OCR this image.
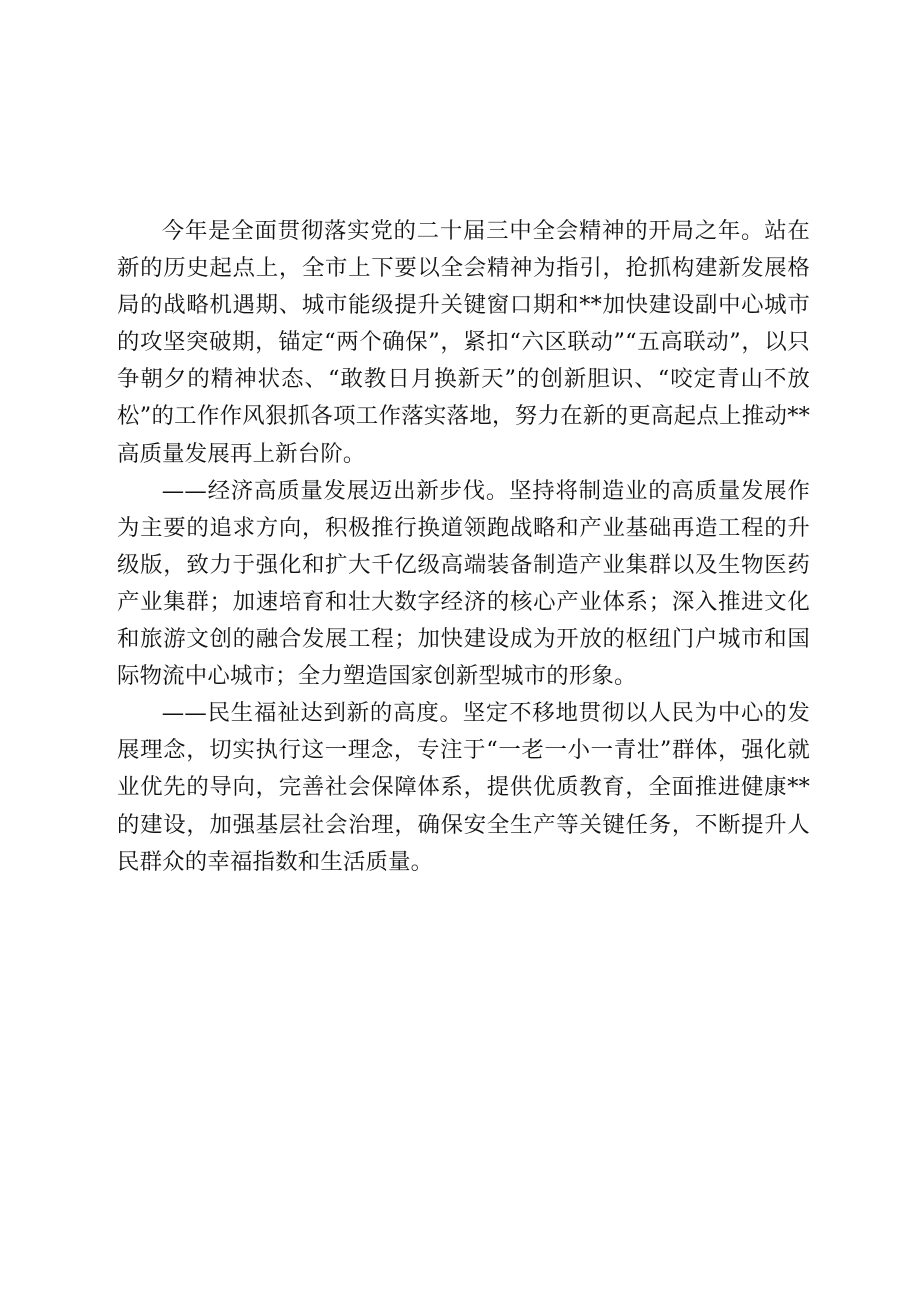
今年是全面贯彻落实党的二十届三中全会精神的开局之年。站在新的历史起点上，全市上下要以全会精神为指引，抢抓构建新发展格局的战略机遇期、城市能级提升关键窗口期和**加快建设副中心城市的攻坚突破期，锚定“两个确保”，紧扣“六区联动”“五高联动”，以只争朝夕的精神状态、“敢教日月换新天”的创新胆识、“咬定青山不放松”的工作作风狠抓各项工作落实落地，努力在新的更高起点上推动**高质量发展再上新台阶。

——经济高质量发展迈出新步伐。坚持将制造业的高质量发展作为主要的追求方向，积极推行换道领跑战略和产业基础再造工程的升级版，致力于强化和扩大千亿级高端装备制造产业集群以及生物医药产业集群；加速培育和壮大数字经济的核心产业体系；深入推进文化和旅游文创的融合发展工程；加快建设成为开放的枢纽门户城市和国际物流中心城市；全力塑造国家创新型城市的形象。

——民生福祉达到新的高度。坚定不移地贯彻以人民为中心的发展理念，切实执行这一理念，专注于“一老一小一青壮”群体，强化就业优先的导向，完善社会保障体系，提供优质教育，全面推进健康**的建设，加强基层社会治理，确保安全生产等关键任务，不断提升人民群众的幸福指数和生活质量。
